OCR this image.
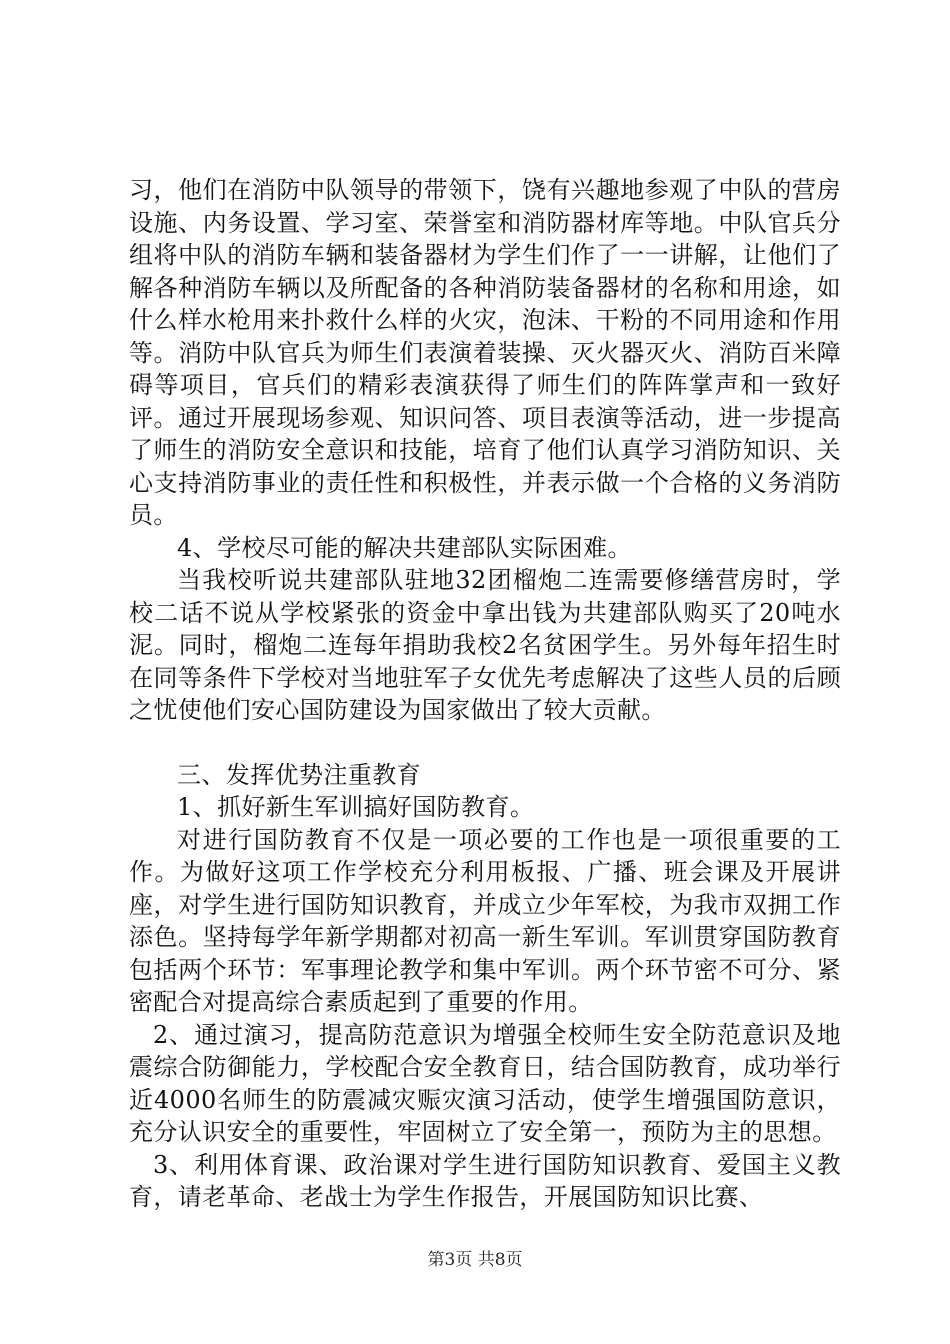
习，他们在消防中队领导的带领下，饶有兴趣地参观了中队的营房设施、内务设置、学习室、荣誉室和消防器材库等地。中队官兵分组将中队的消防车辆和装备器材为学生们作了一一讲解，让他们了解各种消防车辆以及所配备的各种消防装备器材的名称和用途，如什么样水枪用来扑救什么样的火灾，泡沫、干粉的不同用途和作用等。消防中队官兵为师生们表演着装操、灭火器灭火、消防百米障碍等项目，官兵们的精彩表演获得了师生们的阵阵掌声和一致好评。通过开展现场参观、知识问答、项目表演等活动，进一步提高了师生的消防安全意识和技能，培育了他们认真学习消防知识、关心支持消防事业的责任性和积极性，并表示做一个合格的义务消防员。

4、学校尽可能的解决共建部队实际困难。

当我校听说共建部队驻地32团榴炮二连需要修缮营房时，学校二话不说从学校紧张的资金中拿出钱为共建部队购买了20吨水泥。同时，榴炮二连每年捐助我校2名贫困学生。另外每年招生时在同等条件下学校对当地驻军子女优先考虑解决了这些人员的后顾之忧使他们安心国防建设为国家做出了较大贡献。

三、发挥优势注重教育

1、抓好新生军训搞好国防教育。

对进行国防教育不仅是一项必要的工作也是一项很重要的工作。为做好这项工作学校充分利用板报、广播、班会课及开展讲座，对学生进行国防知识教育，并成立少年军校，为我市双拥工作添色。坚持每学年新学期都对初高一新生军训。军训贯穿国防教育包括两个环节：军事理论教学和集中军训。两个环节密不可分、紧密配合对提高综合素质起到了重要的作用。

2、通过演习，提高防范意识为增强全校师生安全防范意识及地震综合防御能力，学校配合安全教育日，结合国防教育，成功举行近4000名师生的防震减灾赈灾演习活动，使学生增强国防意识，充分认识安全的重要性，牢固树立了安全第一，预防为主的思想。

3、利用体育课、政治课对学生进行国防知识教育、爱国主义教育，请老革命、老战士为学生作报告，开展国防知识比赛、

第3页 共8页
